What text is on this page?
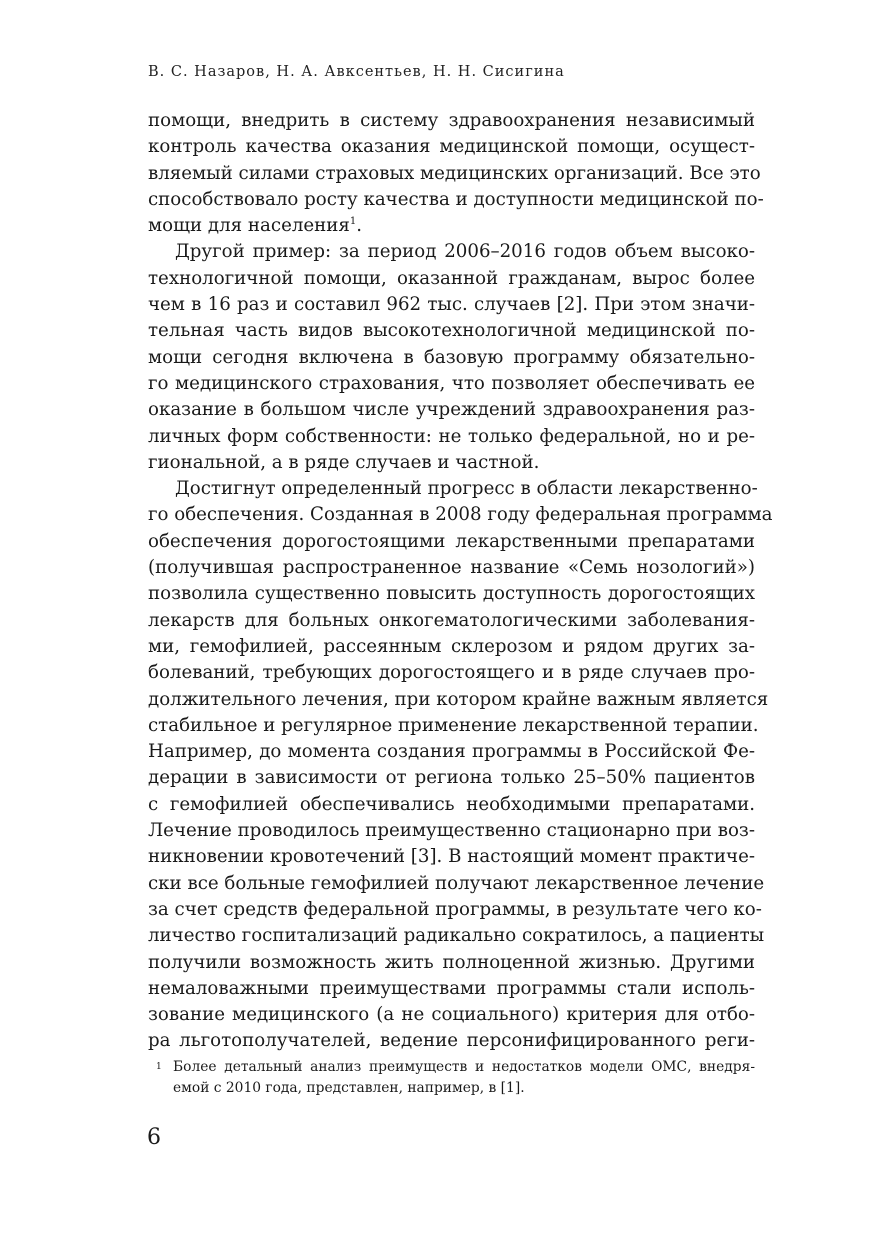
В. С. Назаров, Н. А. Авксентьев, Н. Н. Сисигина
помощи, внедрить в систему здравоохранения независимый
контроль качества оказания медицинской помощи, осущест-
вляемый силами страховых медицинских организаций. Все это
способствовало росту качества и доступности медицинской по-
мощи для населения$^1$.
Другой пример: за период 2006–2016 годов объем высоко-
технологичной помощи, оказанной гражданам, вырос более
чем в 16 раз и составил 962 тыс. случаев [2]. При этом значи-
тельная часть видов высокотехнологичной медицинской по-
мощи сегодня включена в базовую программу обязательно-
го медицинского страхования, что позволяет обеспечивать ее
оказание в большом числе учреждений здравоохранения раз-
личных форм собственности: не только федеральной, но и ре-
гиональной, а в ряде случаев и частной.
Достигнут определенный прогресс в области лекарственно-
го обеспечения. Созданная в 2008 году федеральная программа
обеспечения дорогостоящими лекарственными препаратами
(получившая распространенное название «Семь нозологий»)
позволила существенно повысить доступность дорогостоящих
лекарств для больных онкогематологическими заболевания-
ми, гемофилией, рассеянным склерозом и рядом других за-
болеваний, требующих дорогостоящего и в ряде случаев про-
должительного лечения, при котором крайне важным является
стабильное и регулярное применение лекарственной терапии.
Например, до момента создания программы в Российской Фе-
дерации в зависимости от региона только 25–50% пациентов
с гемофилией обеспечивались необходимыми препаратами.
Лечение проводилось преимущественно стационарно при воз-
никновении кровотечений [3]. В настоящий момент практиче-
ски все больные гемофилией получают лекарственное лечение
за счет средств федеральной программы, в результате чего ко-
личество госпитализаций радикально сократилось, а пациенты
получили возможность жить полноценной жизнью. Другими
немаловажными преимуществами программы стали исполь-
зование медицинского (а не социального) критерия для отбо-
ра льготополучателей, ведение персонифицированного реги-
1 Более детальный анализ преимуществ и недостатков модели ОМС, внедря-
емой с 2010 года, представлен, например, в [1].
6
